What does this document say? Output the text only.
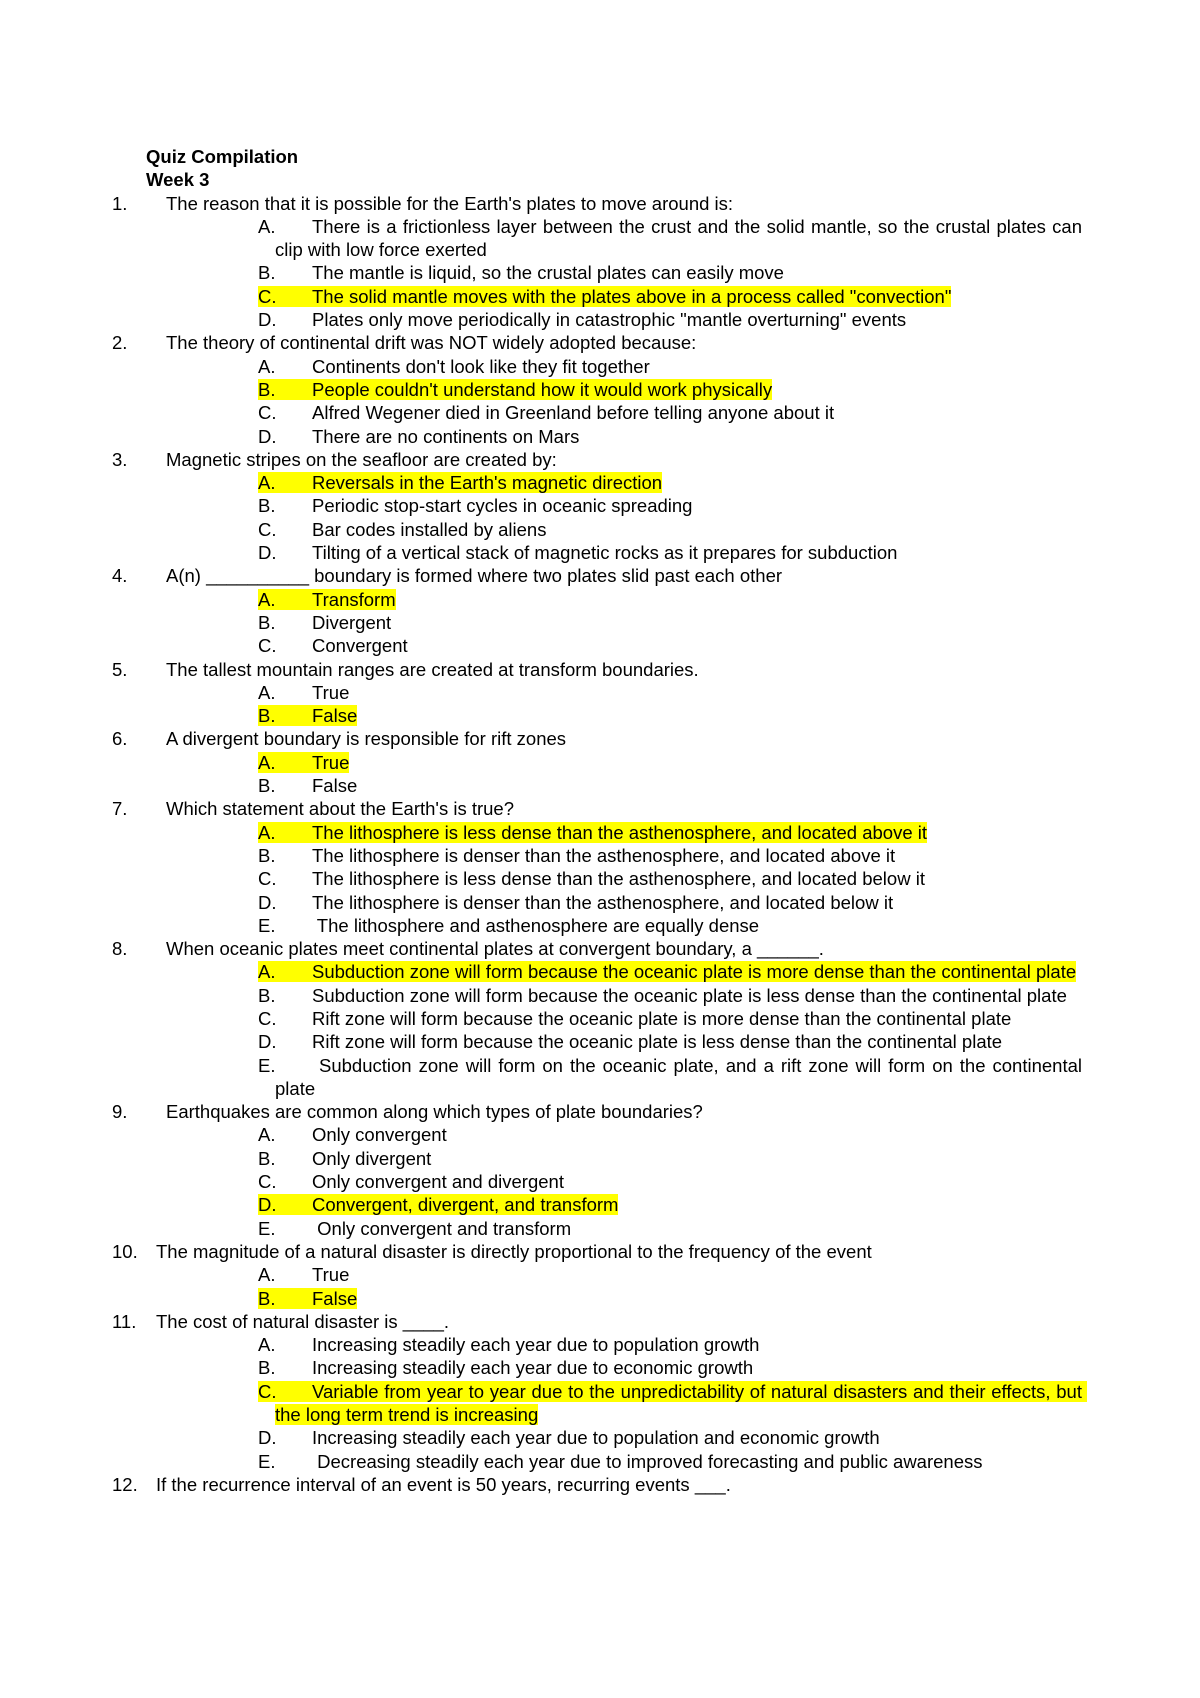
Quiz Compilation
Week 3
1.	The reason that it is possible for the Earth's plates to move around is:
A. There is a frictionless layer between the crust and the solid mantle, so the crustal plates can clip with low force exerted
B. The mantle is liquid, so the crustal plates can easily move
C. The solid mantle moves with the plates above in a process called "convection"
D. Plates only move periodically in catastrophic "mantle overturning" events
2.	The theory of continental drift was NOT widely adopted because:
A. Continents don't look like they fit together
B. People couldn't understand how it would work physically
C. Alfred Wegener died in Greenland before telling anyone about it
D. There are no continents on Mars
3.	Magnetic stripes on the seafloor are created by:
A. Reversals in the Earth's magnetic direction
B. Periodic stop-start cycles in oceanic spreading
C. Bar codes installed by aliens
D. Tilting of a vertical stack of magnetic rocks as it prepares for subduction
4.	A(n) __________ boundary is formed where two plates slid past each other
A. Transform
B. Divergent
C. Convergent
5.	The tallest mountain ranges are created at transform boundaries.
A. True
B. False
6.	A divergent boundary is responsible for rift zones
A. True
B. False
7.	Which statement about the Earth's is true?
A. The lithosphere is less dense than the asthenosphere, and located above it
B. The lithosphere is denser than the asthenosphere, and located above it
C. The lithosphere is less dense than the asthenosphere, and located below it
D. The lithosphere is denser than the asthenosphere, and located below it
E. The lithosphere and asthenosphere are equally dense
8.	When oceanic plates meet continental plates at convergent boundary, a ______.
A. Subduction zone will form because the oceanic plate is more dense than the continental plate
B. Subduction zone will form because the oceanic plate is less dense than the continental plate
C. Rift zone will form because the oceanic plate is more dense than the continental plate
D. Rift zone will form because the oceanic plate is less dense than the continental plate
E. Subduction zone will form on the oceanic plate, and a rift zone will form on the continental plate
9.	Earthquakes are common along which types of plate boundaries?
A. Only convergent
B. Only divergent
C. Only convergent and divergent
D. Convergent, divergent, and transform
E. Only convergent and transform
10. The magnitude of a natural disaster is directly proportional to the frequency of the event
A. True
B. False
11.	The cost of natural disaster is ____.
A. Increasing steadily each year due to population growth
B. Increasing steadily each year due to economic growth
C. Variable from year to year due to the unpredictability of natural disasters and their effects, but the long term trend is increasing
D. Increasing steadily each year due to population and economic growth
E. Decreasing steadily each year due to improved forecasting and public awareness
12. If the recurrence interval of an event is 50 years, recurring events ___.
